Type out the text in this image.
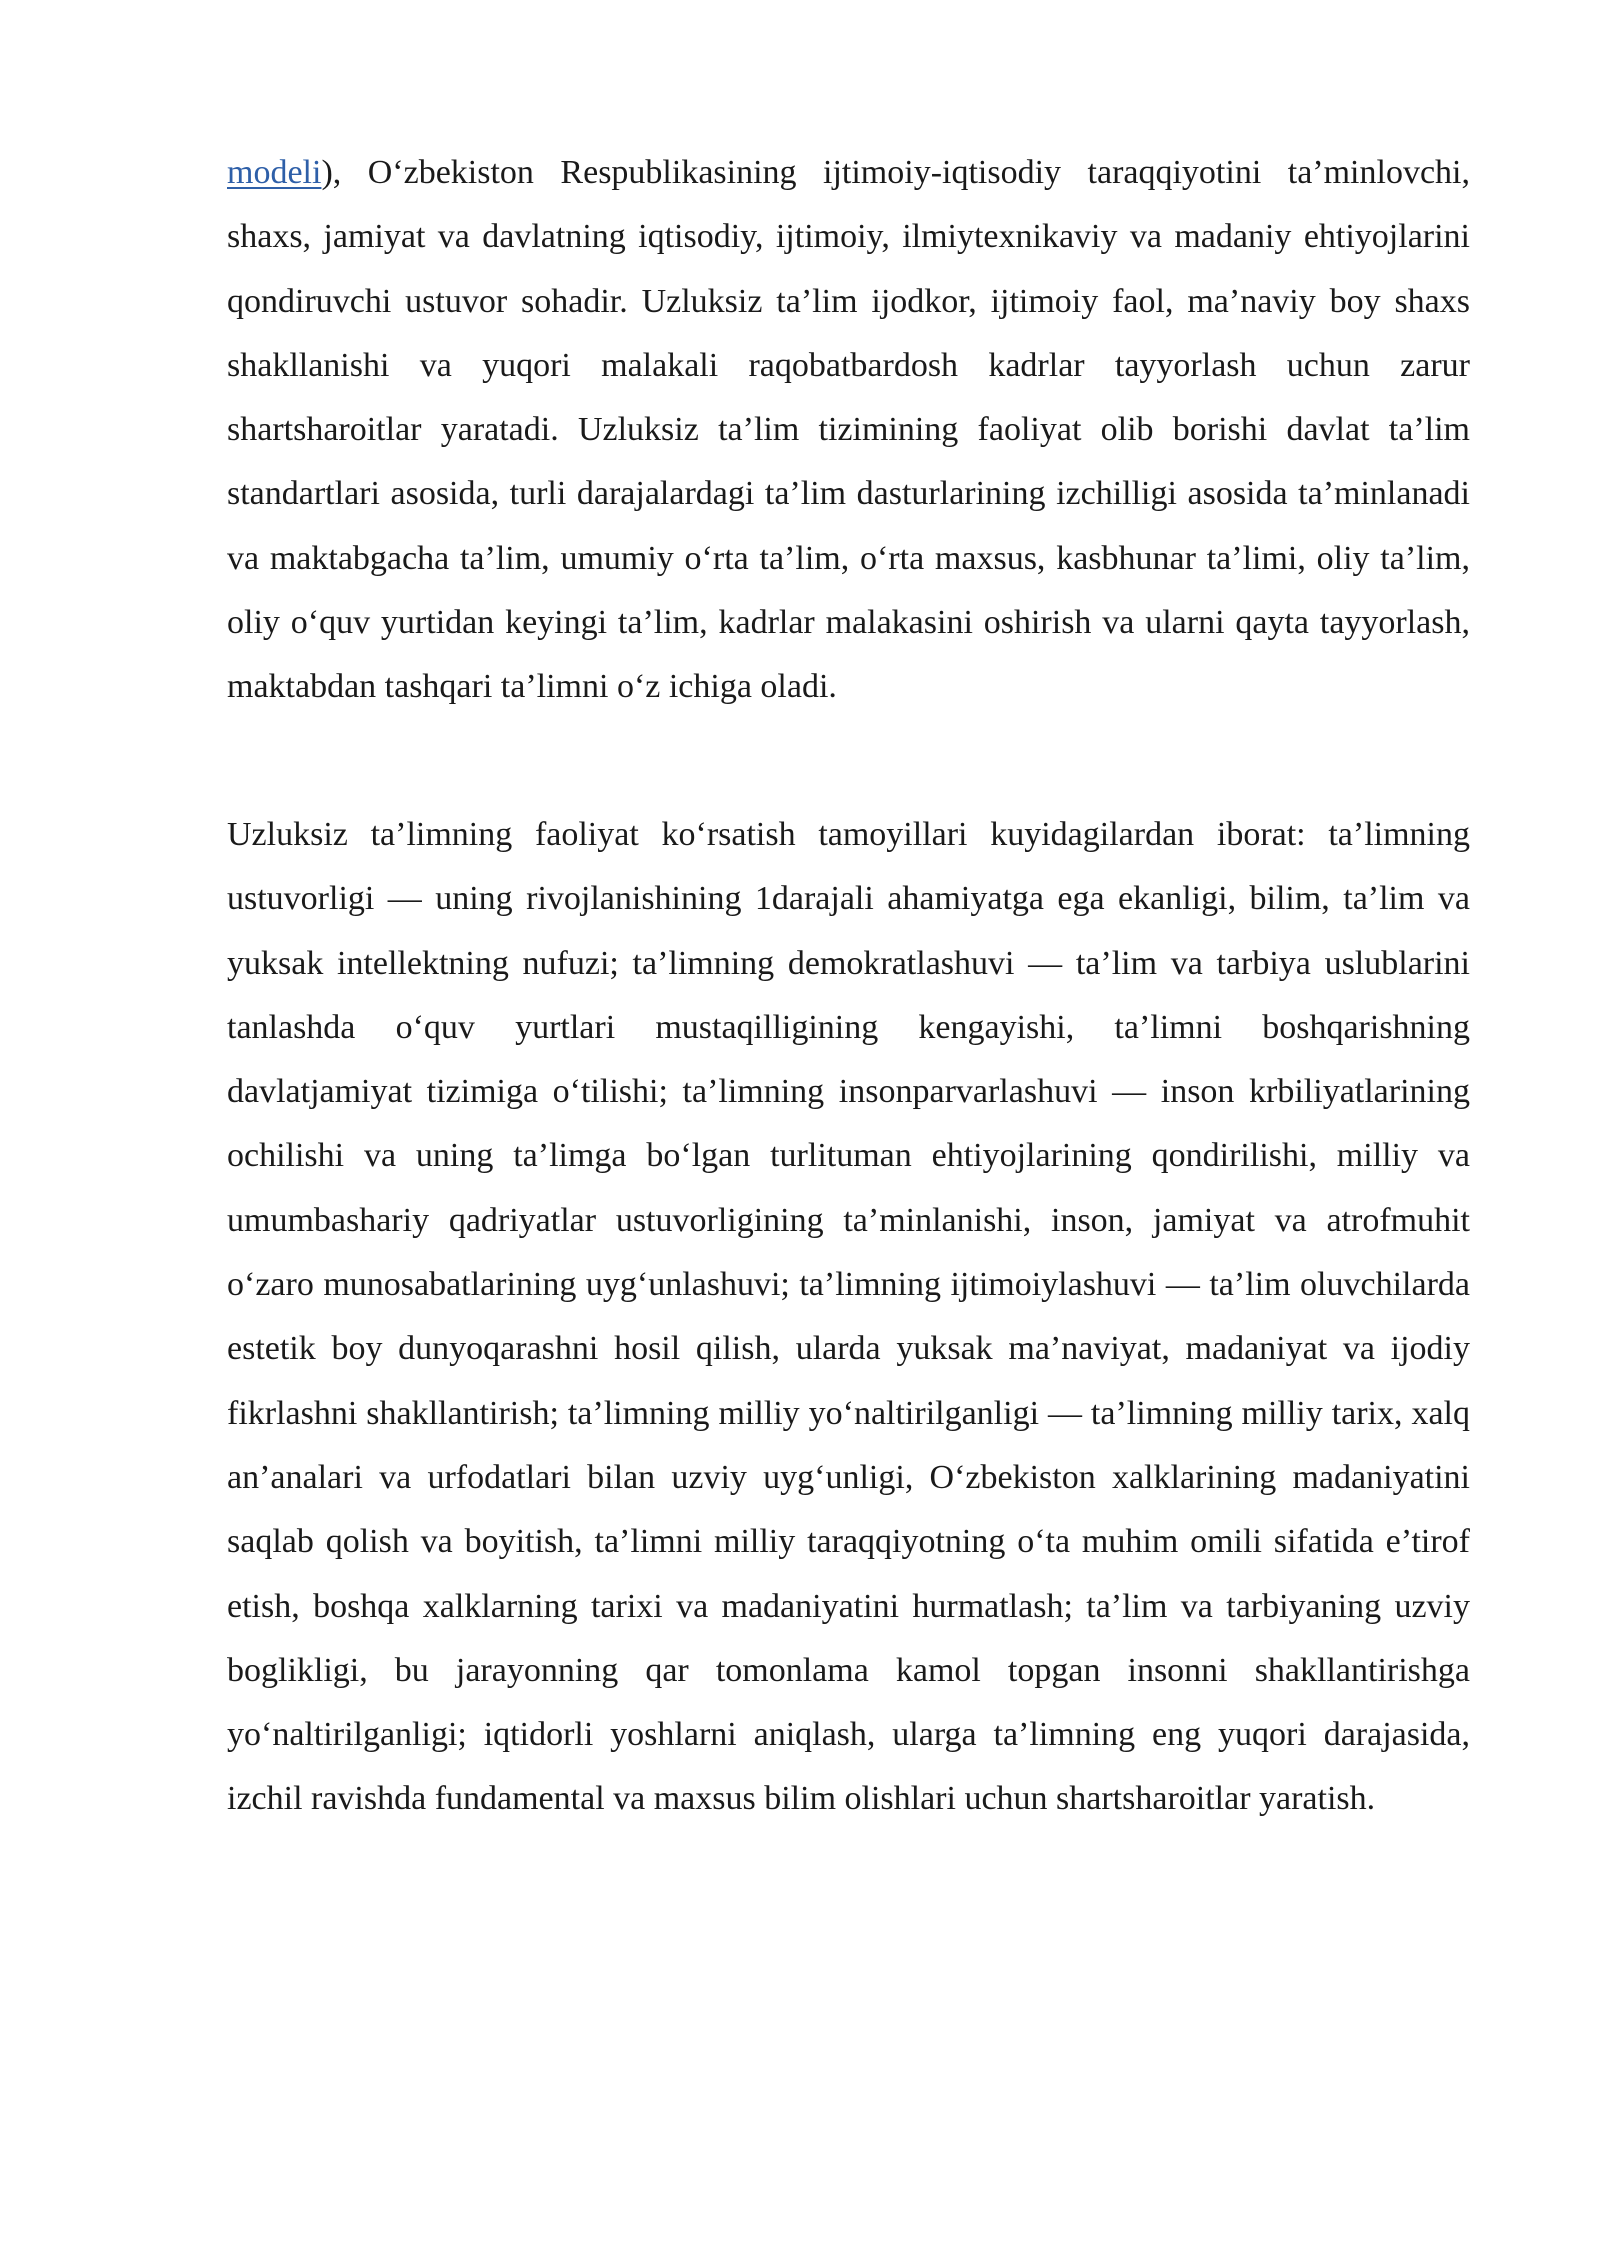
modeli), O‘zbekiston Respublikasining ijtimoiy-iqtisodiy taraqqiyotini ta’minlovchi, shaxs, jamiyat va davlatning iqtisodiy, ijtimoiy, ilmiytexnikaviy va madaniy ehtiyojlarini qondiruvchi ustuvor sohadir. Uzluksiz ta’lim ijodkor, ijtimoiy faol, ma’naviy boy shaxs shakllanishi va yuqori malakali raqobatbardosh kadrlar tayyorlash uchun zarur shartsharoitlar yaratadi. Uzluksiz ta’lim tizimining faoliyat olib borishi davlat ta’lim standartlari asosida, turli darajalardagi ta’lim dasturlarining izchilligi asosida ta’minlanadi va maktabgacha ta’lim, umumiy o‘rta ta’lim, o‘rta maxsus, kasbhunar ta’limi, oliy ta’lim, oliy o‘quv yurtidan keyingi ta’lim, kadrlar malakasini oshirish va ularni qayta tayyorlash, maktabdan tashqari ta’limni o‘z ichiga oladi.

Uzluksiz ta’limning faoliyat ko‘rsatish tamoyillari kuyidagilardan iborat: ta’limning ustuvorligi — uning rivojlanishining 1darajali ahamiyatga ega ekanligi, bilim, ta’lim va yuksak intellektning nufuzi; ta’limning demokratlashuvi — ta’lim va tarbiya uslublarini tanlashda o‘quv yurtlari mustaqilligining kengayishi, ta’limni boshqarishning davlatjamiyat tizimiga o‘tilishi; ta’limning insonparvarlashuvi — inson krbiliyatlarining ochilishi va uning ta’limga bo‘lgan turlituman ehtiyojlarining qondirilishi, milliy va umumbashariy qadriyatlar ustuvorligining ta’minlanishi, inson, jamiyat va atrofmuhit o‘zaro munosabatlarining uyg‘unlashuvi; ta’limning ijtimoiylashuvi — ta’lim oluvchilarda estetik boy dunyoqarashni hosil qilish, ularda yuksak ma’naviyat, madaniyat va ijodiy fikrlashni shakllantirish; ta’limning milliy yo‘naltirilganligi — ta’limning milliy tarix, xalq an’analari va urfodatlari bilan uzviy uyg‘unligi, O‘zbekiston xalklarining madaniyatini saqlab qolish va boyitish, ta’limni milliy taraqqiyotning o‘ta muhim omili sifatida e’tirof etish, boshqa xalklarning tarixi va madaniyatini hurmatlash; ta’lim va tarbiyaning uzviy boglikligi, bu jarayonning qar tomonlama kamol topgan insonni shakllantirishga yo‘naltirilganligi; iqtidorli yoshlarni aniqlash, ularga ta’limning eng yuqori darajasida, izchil ravishda fundamental va maxsus bilim olishlari uchun shartsharoitlar yaratish.
